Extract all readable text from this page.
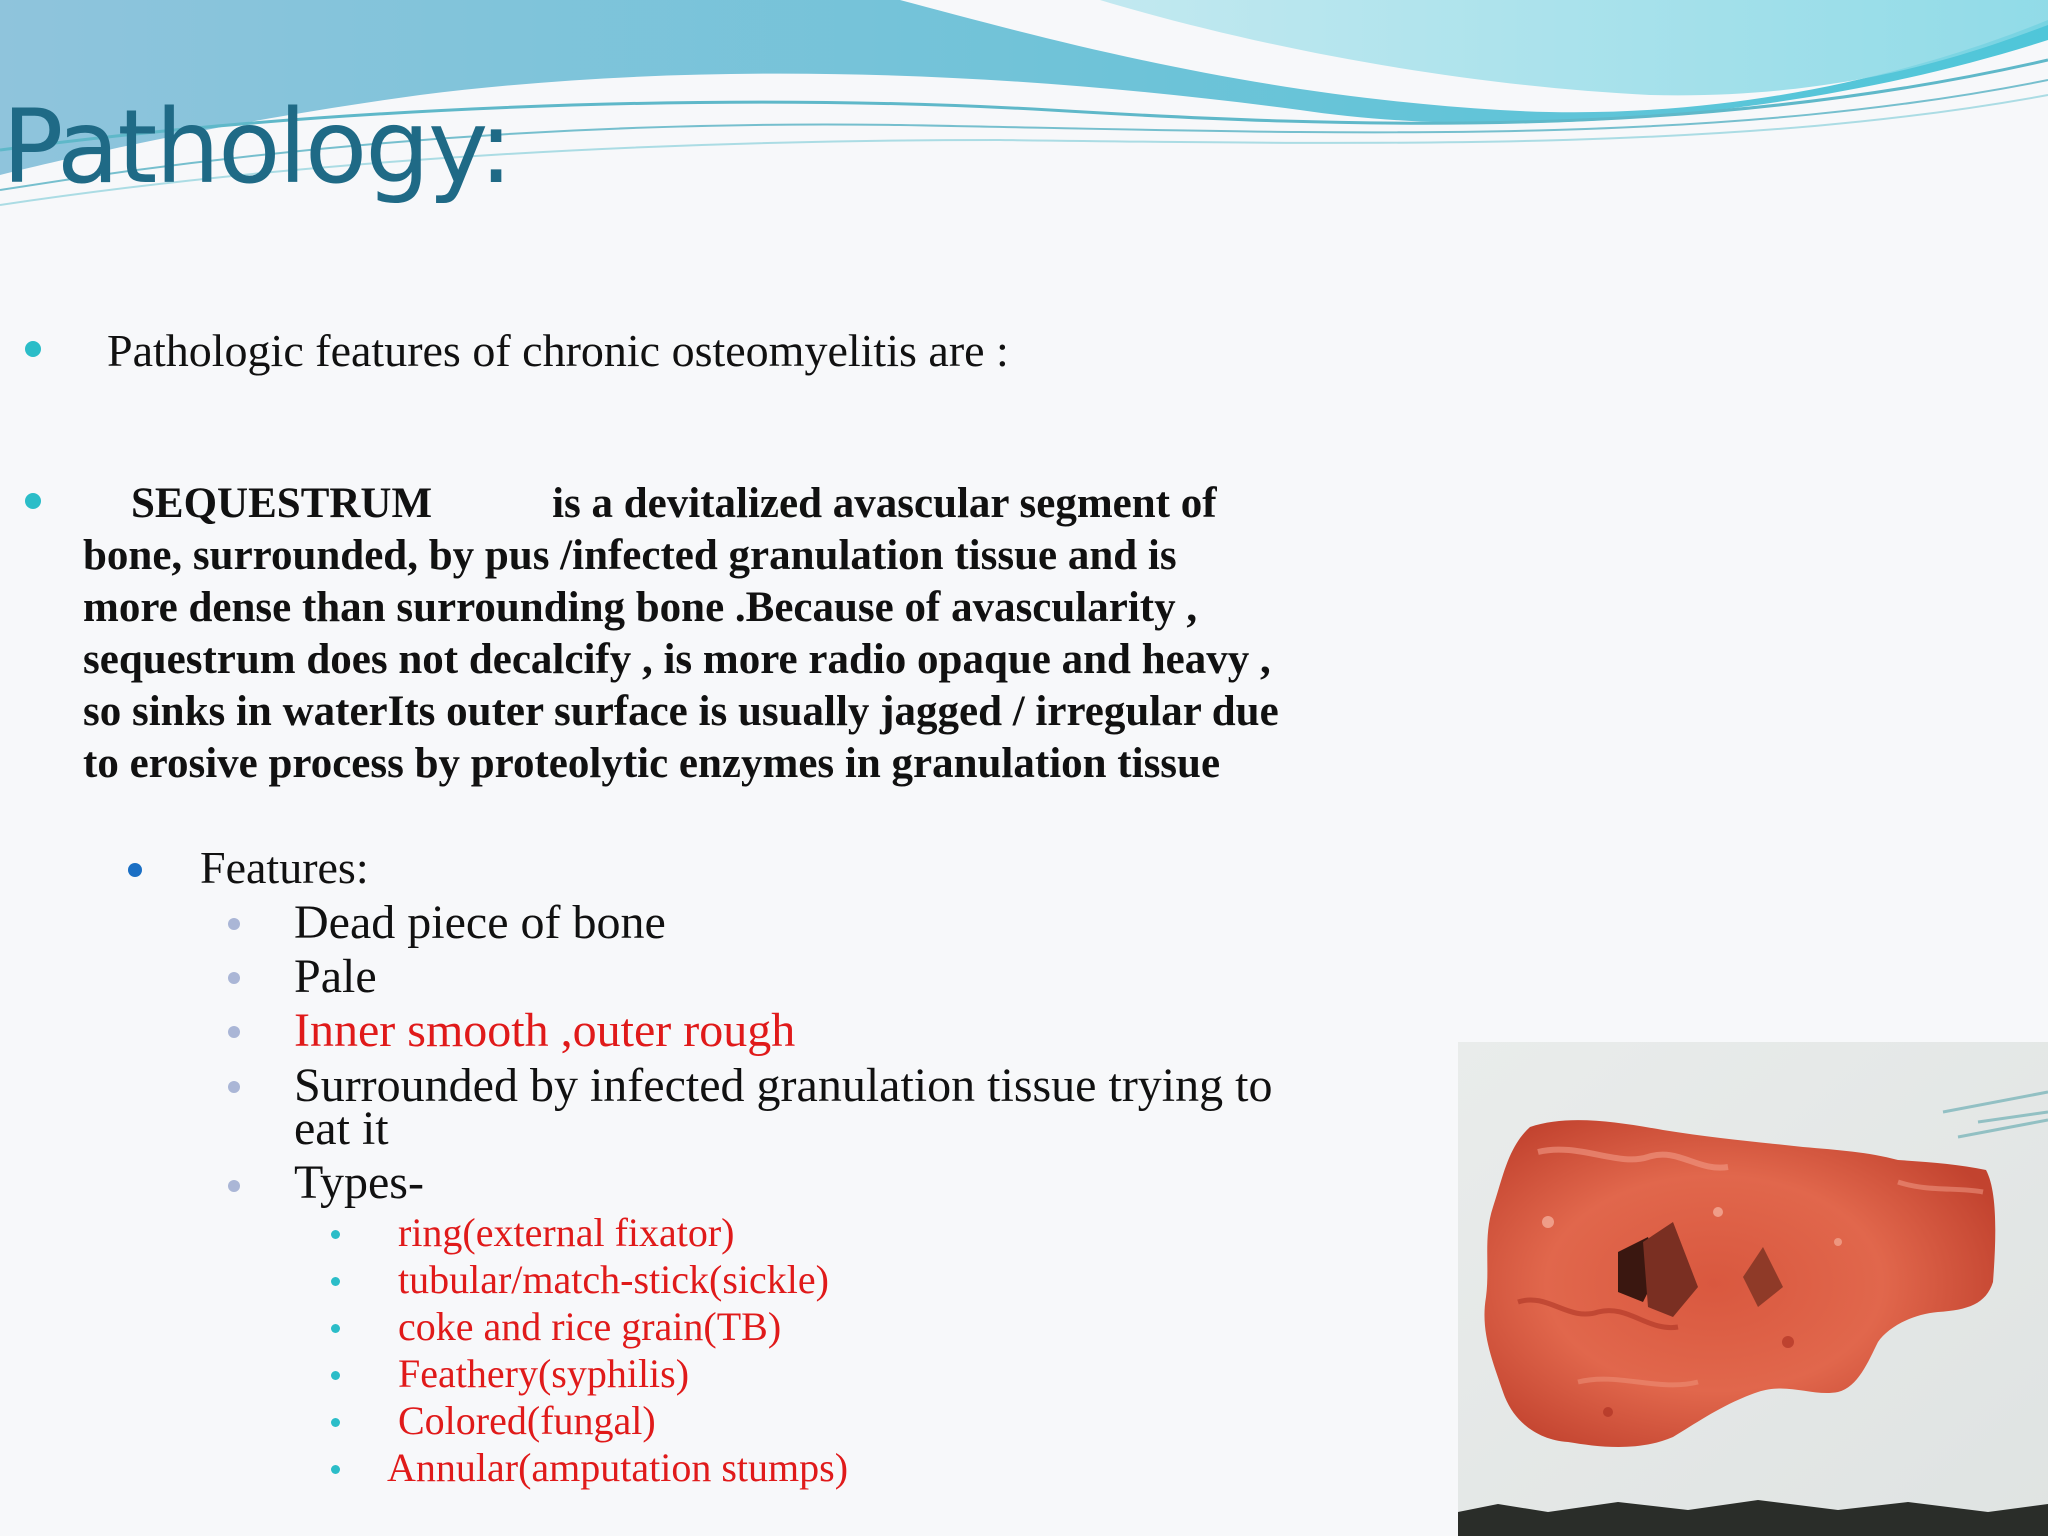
Pathology:
Pathologic features of chronic osteomyelitis are :
SEQUESTRUM	is a devitalized avascular segment of
bone, surrounded, by pus /infected granulation tissue and is
more dense than surrounding bone .Because of avascularity ,
sequestrum does not decalcify , is more radio opaque and heavy ,
so sinks in waterIts outer surface is usually jagged / irregular due
to erosive process by proteolytic enzymes in granulation tissue
Features:
Dead piece of bone
Pale
Inner smooth ,outer rough
Surrounded by infected granulation tissue trying to
eat it
Types-
ring(external fixator)
tubular/match-stick(sickle)
coke and rice grain(TB)
Feathery(syphilis)
Colored(fungal)
Annular(amputation stumps)
